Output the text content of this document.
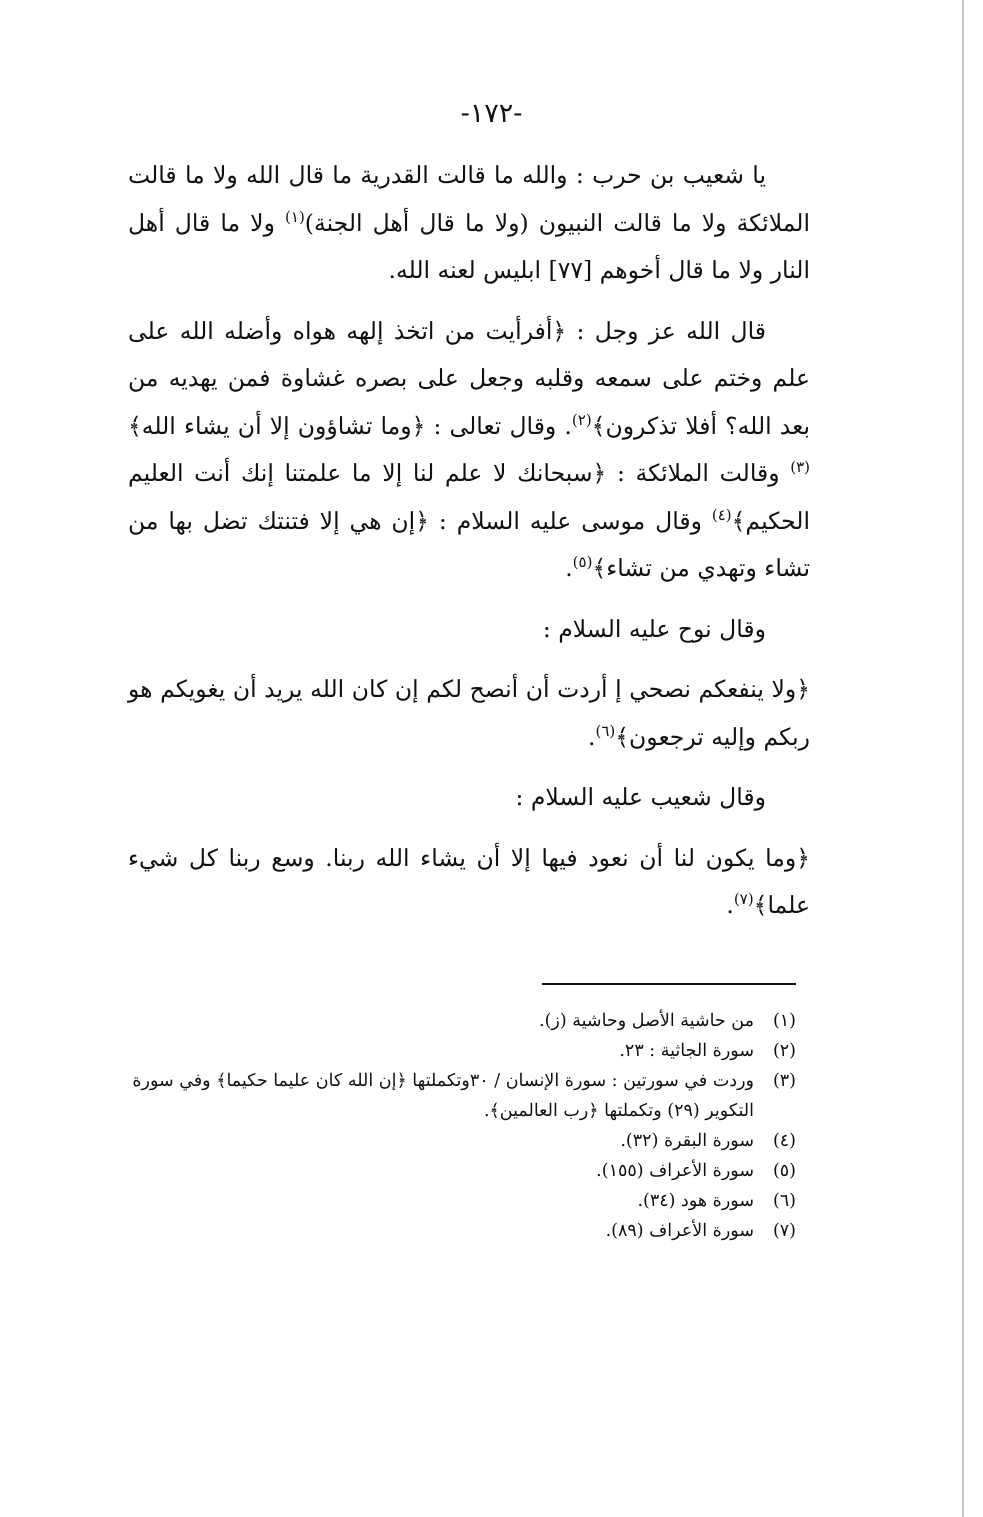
-١٧٢-

يا شعيب بن حرب : والله ما قالت القدرية ما قال الله ولا ما قالت الملائكة ولا ما قالت النبيون (ولا ما قال أهل الجنة)$^{(١)}$ ولا ما قال أهل النار ولا ما قال أخوهم [٧٧] ابليس لعنه الله.

قال الله عز وجل : ﴿أفرأيت من اتخذ إلهه هواه وأضله الله على علم وختم على سمعه وقلبه وجعل على بصره غشاوة فمن يهديه من بعد الله؟ أفلا تذكرون﴾$^{(٢)}$. وقال تعالى : ﴿وما تشاؤون إلا أن يشاء الله﴾$^{(٣)}$ وقالت الملائكة : ﴿سبحانك لا علم لنا إلا ما علمتنا إنك أنت العليم الحكيم﴾$^{(٤)}$ وقال موسى عليه السلام : ﴿إن هي إلا فتنتك تضل بها من تشاء وتهدي من تشاء﴾$^{(٥)}$.

وقال نوح عليه السلام :

﴿ولا ينفعكم نصحي إ أردت أن أنصح لكم إن كان الله يريد أن يغويكم هو ربكم وإليه ترجعون﴾$^{(٦)}$.

وقال شعيب عليه السلام :

﴿وما يكون لنا أن نعود فيها إلا أن يشاء الله ربنا. وسع ربنا كل شيء علما﴾$^{(٧)}$.

(١)
من حاشية الأصل وحاشية (ز).

(٢)
سورة الجاثية : ٢٣.

(٣)
وردت في سورتين : سورة الإنسان / ٣٠وتكملتها ﴿إن الله كان عليما حكيما﴾ وفي سورة التكوير (٢٩) وتكملتها ﴿رب العالمين﴾.

(٤)
سورة البقرة (٣٢).

(٥)
سورة الأعراف (١٥٥).

(٦)
سورة هود (٣٤).

(٧)
سورة الأعراف (٨٩).
